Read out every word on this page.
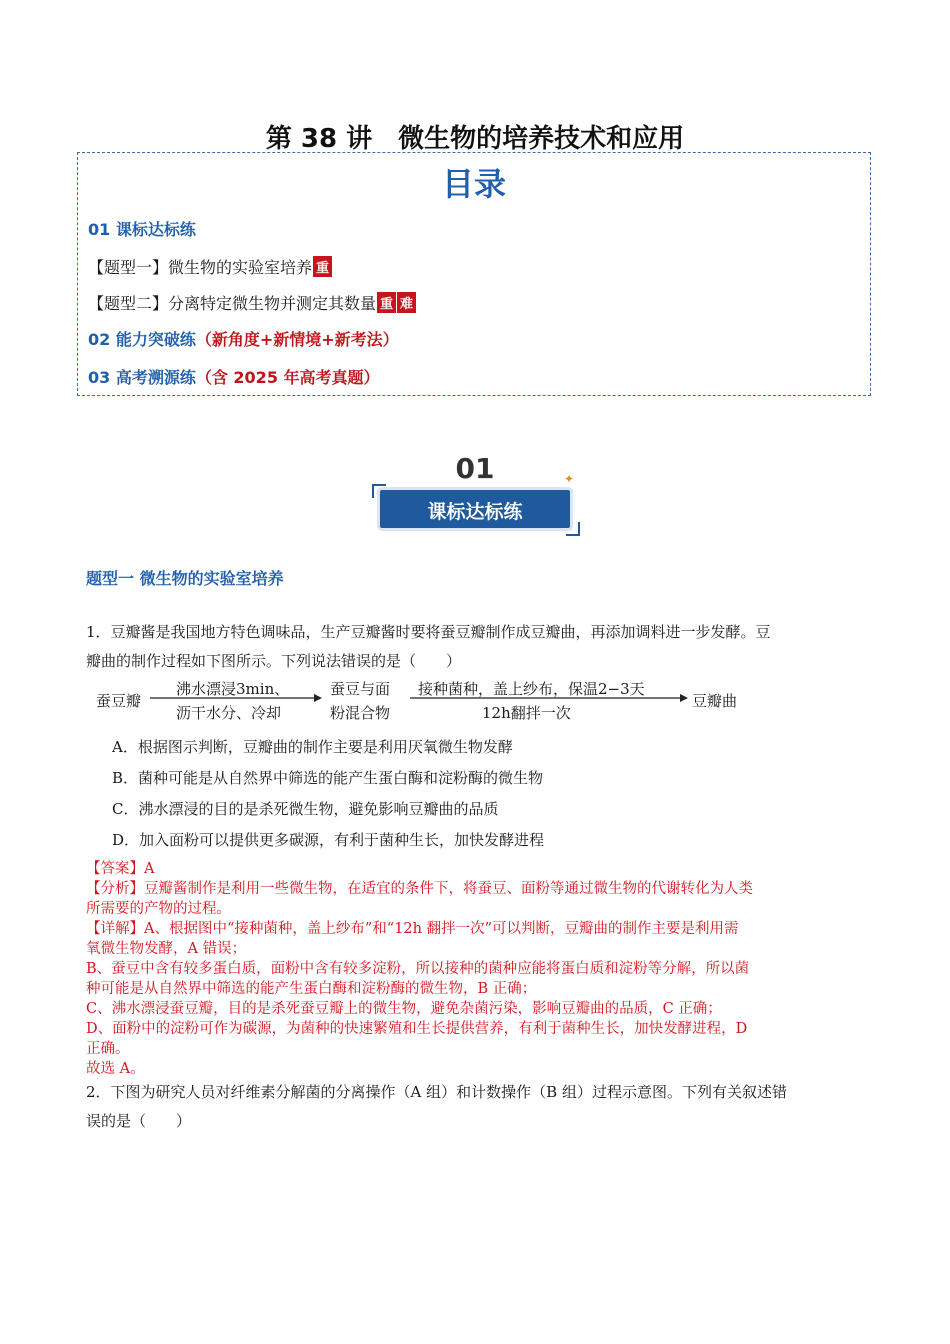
第 38 讲　微生物的培养技术和应用
目录
01 课标达标练
【题型一】微生物的实验室培养 重
【题型二】分离特定微生物并测定其数量 重 难
02 能力突破练（新角度+新情境+新考法）
03 高考溯源练（含 2025 年高考真题）
01	✦
课标达标练
题型一 微生物的实验室培养
1．豆瓣酱是我国地方特色调味品，生产豆瓣酱时要将蚕豆瓣制作成豆瓣曲，再添加调料进一步发酵。豆
瓣曲的制作过程如下图所示。下列说法错误的是（　　）
蚕豆瓣
沸水漂浸3min、
沥干水分、冷却
蚕豆与面
粉混合物
接种菌种，盖上纱布，保温2−3天
12h翻拌一次
豆瓣曲
A．根据图示判断，豆瓣曲的制作主要是利用厌氧微生物发酵
B．菌种可能是从自然界中筛选的能产生蛋白酶和淀粉酶的微生物
C．沸水漂浸的目的是杀死微生物，避免影响豆瓣曲的品质
D．加入面粉可以提供更多碳源，有利于菌种生长，加快发酵进程
【答案】A
【分析】豆瓣酱制作是利用一些微生物，在适宜的条件下，将蚕豆、面粉等通过微生物的代谢转化为人类
所需要的产物的过程。
【详解】A、根据图中“接种菌种，盖上纱布”和“12h 翻拌一次”可以判断，豆瓣曲的制作主要是利用需
氧微生物发酵，A 错误；
B、蚕豆中含有较多蛋白质，面粉中含有较多淀粉，所以接种的菌种应能将蛋白质和淀粉等分解，所以菌
种可能是从自然界中筛选的能产生蛋白酶和淀粉酶的微生物，B 正确；
C、沸水漂浸蚕豆瓣，目的是杀死蚕豆瓣上的微生物，避免杂菌污染，影响豆瓣曲的品质，C 正确；
D、面粉中的淀粉可作为碳源，为菌种的快速繁殖和生长提供营养，有利于菌种生长，加快发酵进程，D
正确。
故选 A。
2．下图为研究人员对纤维素分解菌的分离操作（A 组）和计数操作（B 组）过程示意图。下列有关叙述错
误的是（　　）
